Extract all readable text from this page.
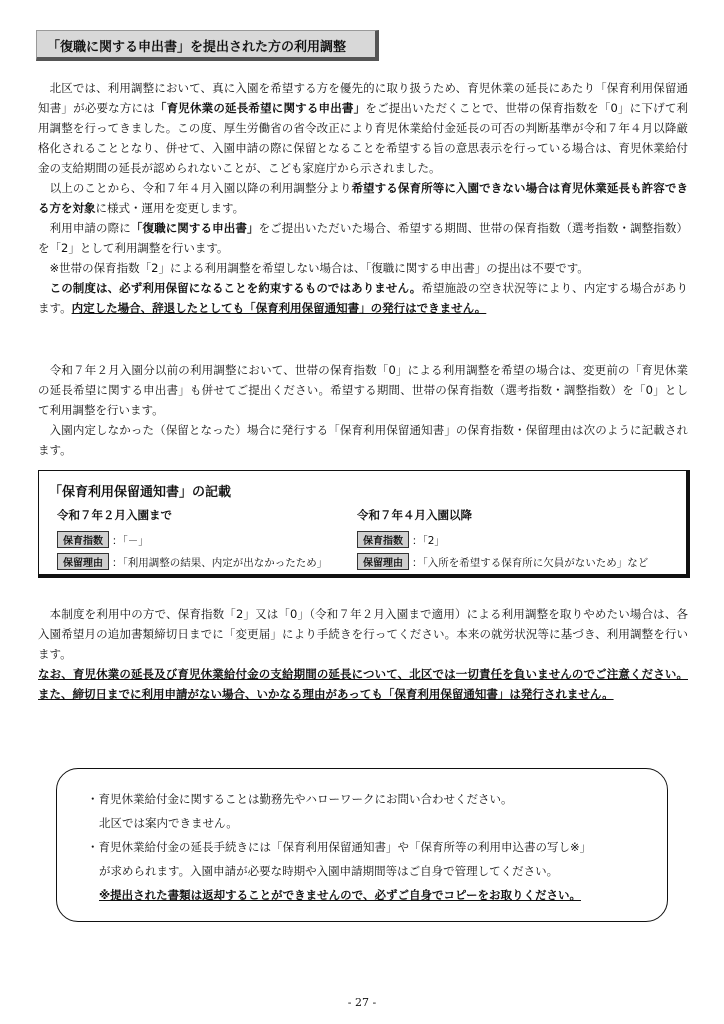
「復職に関する申出書」を提出された方の利用調整

　北区では、利用調整において、真に入園を希望する方を優先的に取り扱うため、育児休業の延長にあたり「保育利用保留通知書」が必要な方には「育児休業の延長希望に関する申出書」をご提出いただくことで、世帯の保育指数を「0」に下げて利用調整を行ってきました。この度、厚生労働省の省令改正により育児休業給付金延長の可否の判断基準が令和７年４月以降厳格化されることとなり、併せて、入園申請の際に保留となることを希望する旨の意思表示を行っている場合は、育児休業給付金の支給期間の延長が認められないことが、こども家庭庁から示されました。

　以上のことから、令和７年４月入園以降の利用調整分より希望する保育所等に入園できない場合は育児休業延長も許容できる方を対象に様式・運用を変更します。

　利用申請の際に「復職に関する申出書」をご提出いただいた場合、希望する期間、世帯の保育指数（選考指数・調整指数）を「2」として利用調整を行います。

　※世帯の保育指数「2」による利用調整を希望しない場合は、「復職に関する申出書」の提出は不要です。

　この制度は、必ず利用保留になることを約束するものではありません。希望施設の空き状況等により、内定する場合があります。内定した場合、辞退したとしても「保育利用保留通知書」の発行はできません。

　令和７年２月入園分以前の利用調整において、世帯の保育指数「0」による利用調整を希望の場合は、変更前の「育児休業の延長希望に関する申出書」も併せてご提出ください。希望する期間、世帯の保育指数（選考指数・調整指数）を「0」として利用調整を行います。

　入園内定しなかった（保留となった）場合に発行する「保育利用保留通知書」の保育指数・保留理由は次のように記載されます。

「保育利用保留通知書」の記載
令和７年２月入園まで	令和７年４月入園以降
保育指数 ：「－」
保留理由 ：「利用調整の結果、内定が出なかったため」
保育指数 ：「2」
保留理由 ：「入所を希望する保育所に欠員がないため」など

　本制度を利用中の方で、保育指数「2」又は「0」（令和７年２月入園まで適用）による利用調整を取りやめたい場合は、各入園希望月の追加書類締切日までに「変更届」により手続きを行ってください。本来の就労状況等に基づき、利用調整を行います。

なお、育児休業の延長及び育児休業給付金の支給期間の延長について、北区では一切責任を負いませんのでご注意ください。また、締切日までに利用申請がない場合、いかなる理由があっても「保育利用保留通知書」は発行されません。

・育児休業給付金に関することは勤務先やハローワークにお問い合わせください。
北区では案内できません。
・育児休業給付金の延長手続きには「保育利用保留通知書」や「保育所等の利用申込書の写し※」
が求められます。入園申請が必要な時期や入園申請期間等はご自身で管理してください。
※提出された書類は返却することができませんので、必ずご自身でコピーをお取りください。
- 27 -
